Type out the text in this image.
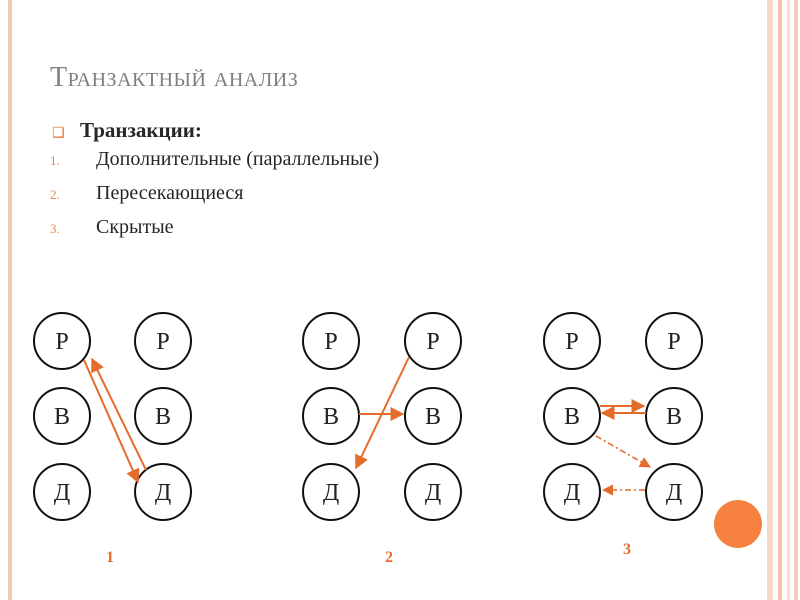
Транзактный анализ
❑ Транзакции:
1.	Дополнительные (параллельные)
2.	Пересекающиеся
3.	Скрытые
Р	Р
В	В
Д	Д
1
Р	Р
В	В
Д	Д
2
Р	Р
В	В
Д	Д
3
